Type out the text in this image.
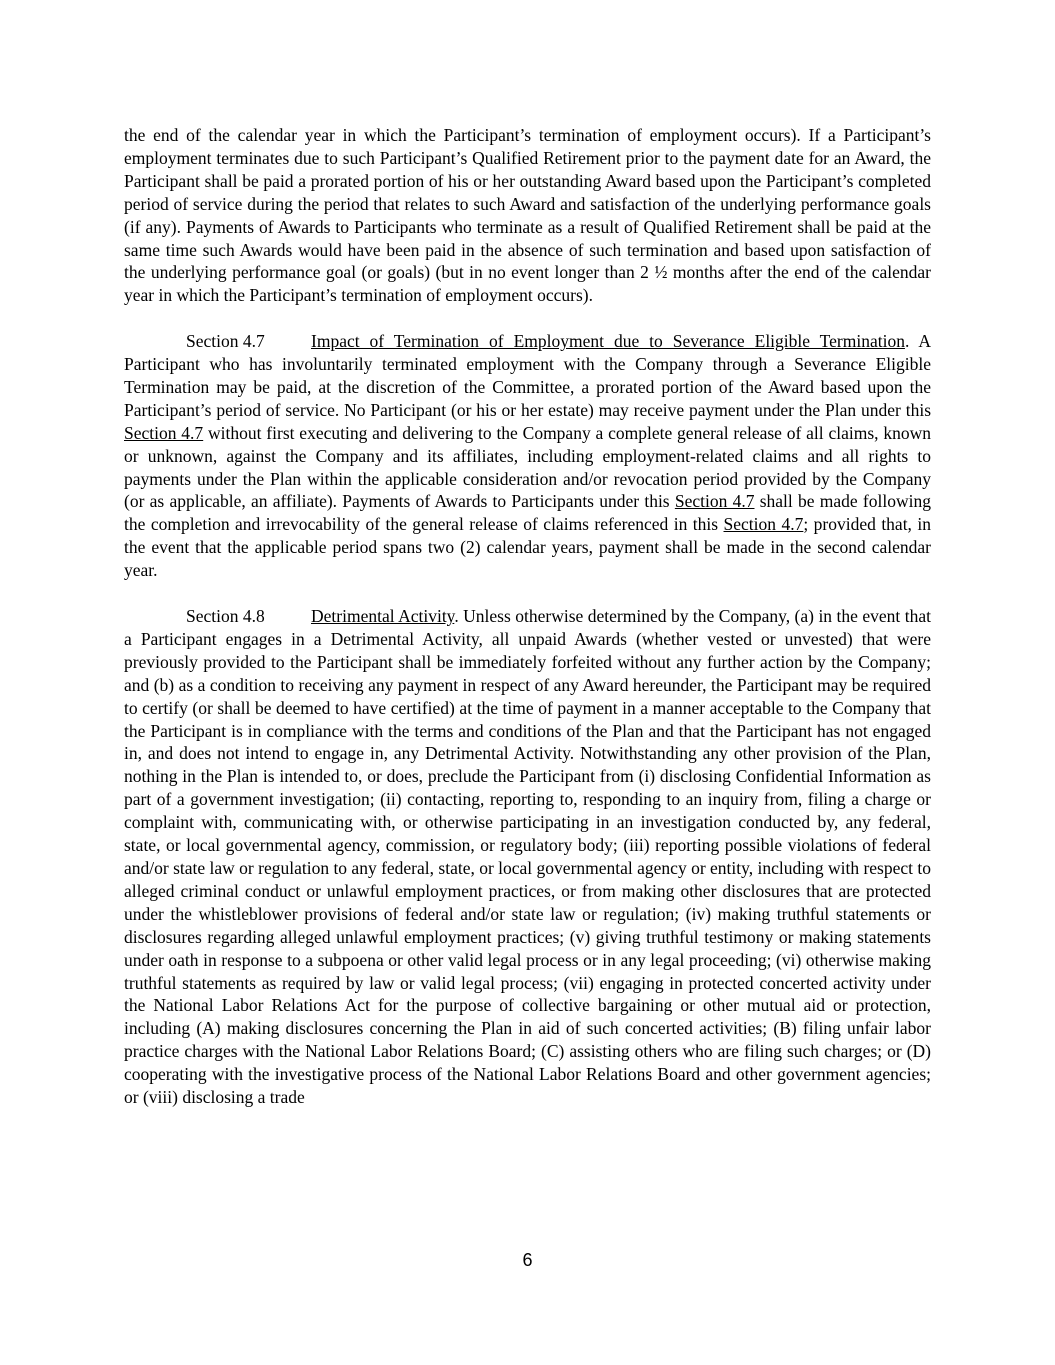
the end of the calendar year in which the Participant’s termination of employment occurs). If a Participant’s employment terminates due to such Participant’s Qualified Retirement prior to the payment date for an Award, the Participant shall be paid a prorated portion of his or her outstanding Award based upon the Participant’s completed period of service during the period that relates to such Award and satisfaction of the underlying performance goals (if any). Payments of Awards to Participants who terminate as a result of Qualified Retirement shall be paid at the same time such Awards would have been paid in the absence of such termination and based upon satisfaction of the underlying performance goal (or goals) (but in no event longer than 2 ½ months after the end of the calendar year in which the Participant’s termination of employment occurs).

Section 4.7	Impact of Termination of Employment due to Severance Eligible Termination. A Participant who has involuntarily terminated employment with the Company through a Severance Eligible Termination may be paid, at the discretion of the Committee, a prorated portion of the Award based upon the Participant’s period of service. No Participant (or his or her estate) may receive payment under the Plan under this Section 4.7 without first executing and delivering to the Company a complete general release of all claims, known or unknown, against the Company and its affiliates, including employment-related claims and all rights to payments under the Plan within the applicable consideration and/or revocation period provided by the Company (or as applicable, an affiliate). Payments of Awards to Participants under this Section 4.7 shall be made following the completion and irrevocability of the general release of claims referenced in this Section 4.7; provided that, in the event that the applicable period spans two (2) calendar years, payment shall be made in the second calendar year.

Section 4.8	Detrimental Activity. Unless otherwise determined by the Company, (a) in the event that a Participant engages in a Detrimental Activity, all unpaid Awards (whether vested or unvested) that were previously provided to the Participant shall be immediately forfeited without any further action by the Company; and (b) as a condition to receiving any payment in respect of any Award hereunder, the Participant may be required to certify (or shall be deemed to have certified) at the time of payment in a manner acceptable to the Company that the Participant is in compliance with the terms and conditions of the Plan and that the Participant has not engaged in, and does not intend to engage in, any Detrimental Activity. Notwithstanding any other provision of the Plan, nothing in the Plan is intended to, or does, preclude the Participant from (i) disclosing Confidential Information as part of a government investigation; (ii) contacting, reporting to, responding to an inquiry from, filing a charge or complaint with, communicating with, or otherwise participating in an investigation conducted by, any federal, state, or local governmental agency, commission, or regulatory body; (iii) reporting possible violations of federal and/or state law or regulation to any federal, state, or local governmental agency or entity, including with respect to alleged criminal conduct or unlawful employment practices, or from making other disclosures that are protected under the whistleblower provisions of federal and/or state law or regulation; (iv) making truthful statements or disclosures regarding alleged unlawful employment practices; (v) giving truthful testimony or making statements under oath in response to a subpoena or other valid legal process or in any legal proceeding; (vi) otherwise making truthful statements as required by law or valid legal process; (vii) engaging in protected concerted activity under the National Labor Relations Act for the purpose of collective bargaining or other mutual aid or protection, including (A) making disclosures concerning the Plan in aid of such concerted activities; (B) filing unfair labor practice charges with the National Labor Relations Board; (C) assisting others who are filing such charges; or (D) cooperating with the investigative process of the National Labor Relations Board and other government agencies; or (viii) disclosing a trade

6
